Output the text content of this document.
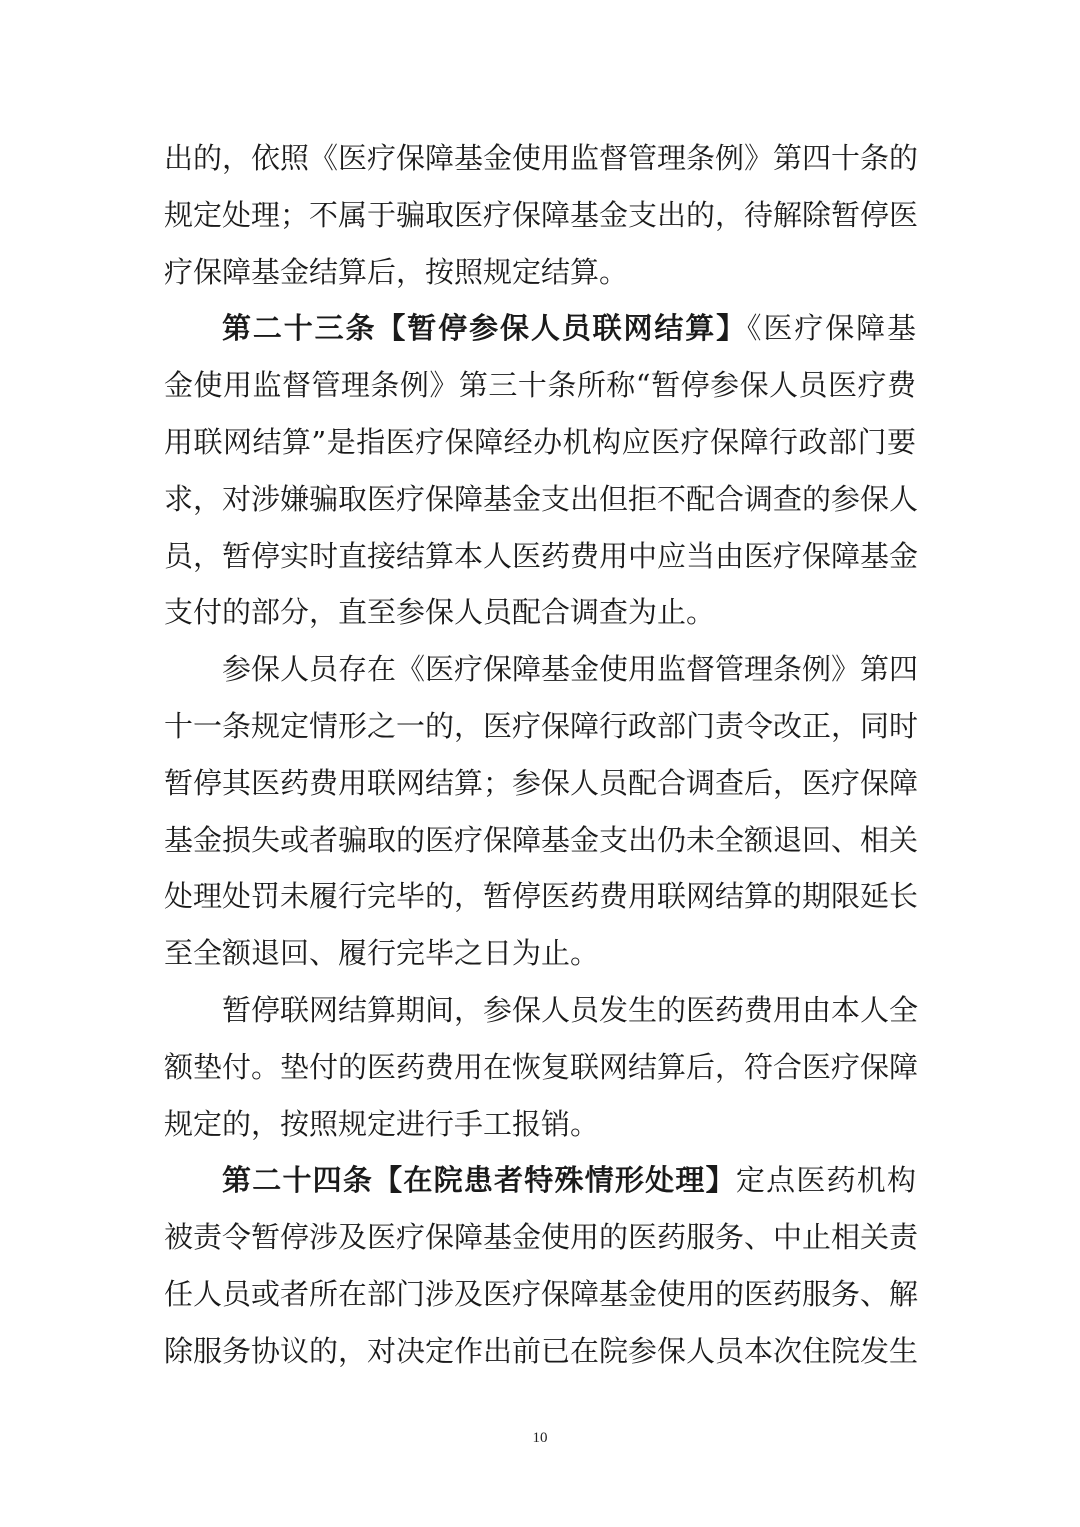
出的，依照《医疗保障基金使用监督管理条例》第四十条的
规定处理；不属于骗取医疗保障基金支出的，待解除暂停医
疗保障基金结算后，按照规定结算。
第二十三条【暂停参保人员联网结算】《医疗保障基
金使用监督管理条例》第三十条所称“暂停参保人员医疗费
用联网结算”是指医疗保障经办机构应医疗保障行政部门要
求，对涉嫌骗取医疗保障基金支出但拒不配合调查的参保人
员，暂停实时直接结算本人医药费用中应当由医疗保障基金
支付的部分，直至参保人员配合调查为止。
参保人员存在《医疗保障基金使用监督管理条例》第四
十一条规定情形之一的，医疗保障行政部门责令改正，同时
暂停其医药费用联网结算；参保人员配合调查后，医疗保障
基金损失或者骗取的医疗保障基金支出仍未全额退回、相关
处理处罚未履行完毕的，暂停医药费用联网结算的期限延长
至全额退回、履行完毕之日为止。
暂停联网结算期间，参保人员发生的医药费用由本人全
额垫付。垫付的医药费用在恢复联网结算后，符合医疗保障
规定的，按照规定进行手工报销。
第二十四条【在院患者特殊情形处理】定点医药机构
被责令暂停涉及医疗保障基金使用的医药服务、中止相关责
任人员或者所在部门涉及医疗保障基金使用的医药服务、解
除服务协议的，对决定作出前已在院参保人员本次住院发生
10
